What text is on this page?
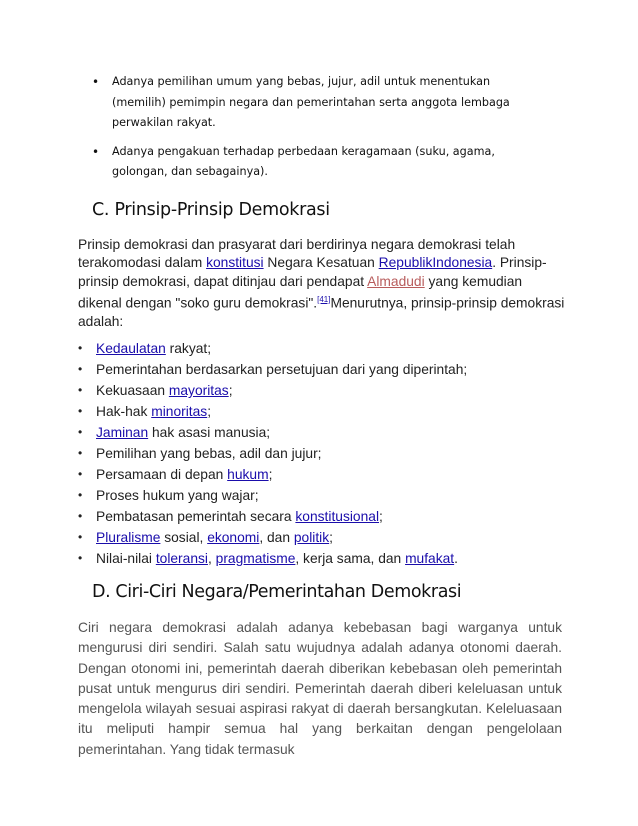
• Adanya pemilihan umum yang bebas, jujur, adil untuk menentukan (memilih) pemimpin negara dan pemerintahan serta anggota lembaga perwakilan rakyat.
• Adanya pengakuan terhadap perbedaan keragamaan (suku, agama, golongan, dan sebagainya).
C. Prinsip-Prinsip Demokrasi

Prinsip demokrasi dan prasyarat dari berdirinya negara demokrasi telah terakomodasi dalam konstitusi Negara Kesatuan RepublikIndonesia. Prinsip-prinsip demokrasi, dapat ditinjau dari pendapat Almadudi yang kemudian dikenal dengan "soko guru demokrasi".[41]Menurutnya, prinsip-prinsip demokrasi adalah:

• Kedaulatan rakyat;
• Pemerintahan berdasarkan persetujuan dari yang diperintah;
• Kekuasaan mayoritas;
• Hak-hak minoritas;
• Jaminan hak asasi manusia;
• Pemilihan yang bebas, adil dan jujur;
• Persamaan di depan hukum;
• Proses hukum yang wajar;
• Pembatasan pemerintah secara konstitusional;
• Pluralisme sosial, ekonomi, dan politik;
• Nilai-nilai toleransi, pragmatisme, kerja sama, dan mufakat.
D. Ciri-Ciri Negara/Pemerintahan Demokrasi

Ciri negara demokrasi adalah adanya kebebasan bagi warganya untuk mengurusi diri sendiri. Salah satu wujudnya adalah adanya otonomi daerah. Dengan otonomi ini, pemerintah daerah diberikan kebebasan oleh pemerintah pusat untuk mengurus diri sendiri. Pemerintah daerah diberi keleluasan untuk mengelola wilayah sesuai aspirasi rakyat di daerah bersangkutan. Keleluasaan itu meliputi hampir semua hal yang berkaitan dengan pengelolaan pemerintahan. Yang tidak termasuk
